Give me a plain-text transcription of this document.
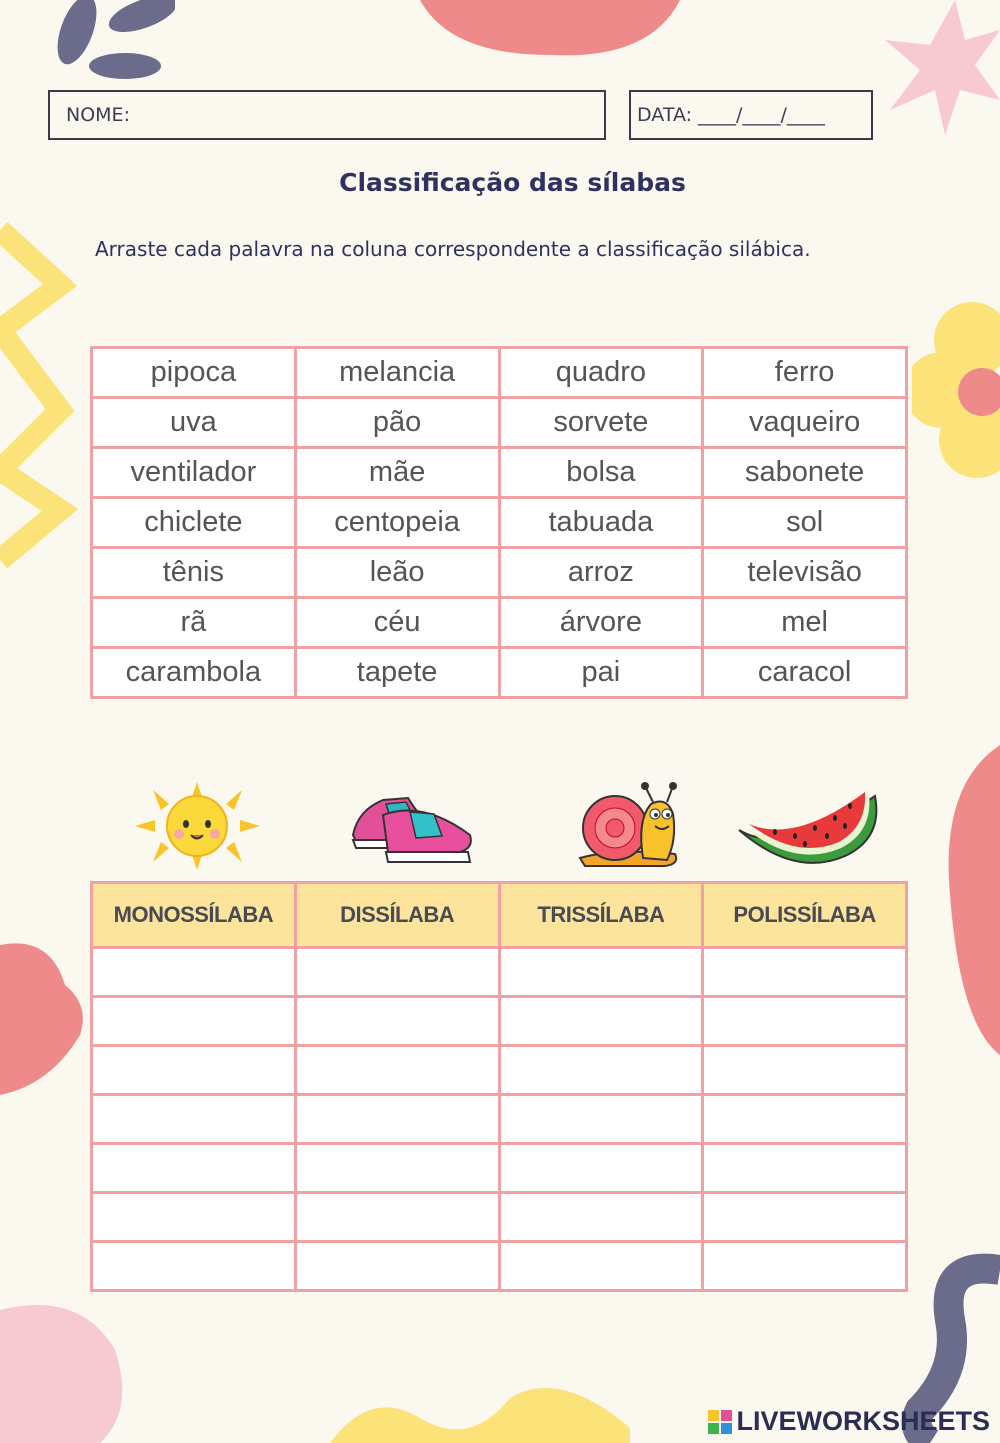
NOME:	DATA: ____/____/____
Classificação das sílabas
Arraste cada palavra na coluna correspondente a classificação silábica.
pipoca	melancia	quadro	ferro
uva	pão	sorvete	vaqueiro
ventilador	mãe	bolsa	sabonete
chiclete	centopeia	tabuada	sol
tênis	leão	arroz	televisão
rã	céu	árvore	mel
carambola	tapete	pai	caracol
MONOSSÍLABA	DISSÍLABA	TRISSÍLABA	POLISSÍLABA

LIVEWORKSHEETS
